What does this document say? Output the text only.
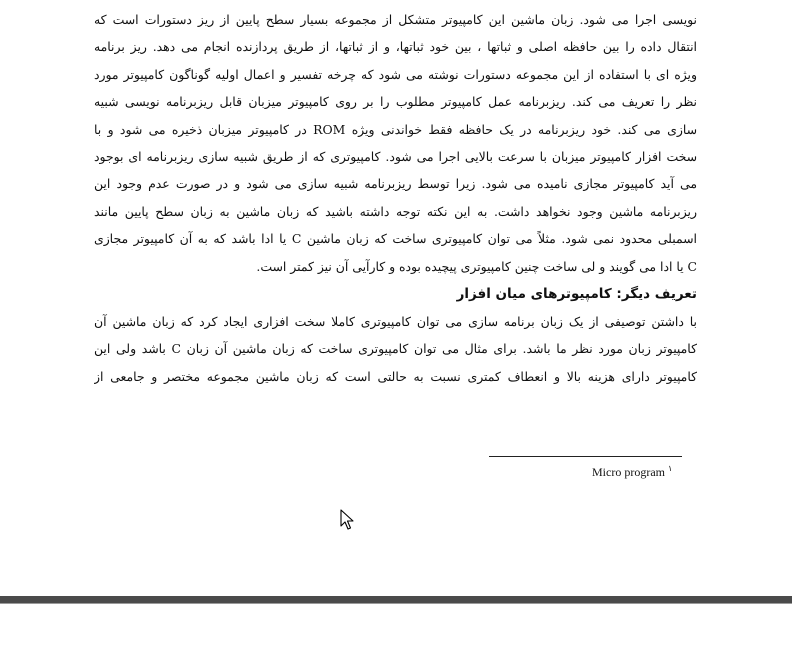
نویسی اجرا می شود. زبان ماشین این کامپیوتر متشکل از مجموعه بسیار سطح پایین از ریز دستورات است که
انتقال داده را بین حافظه اصلی و ثباتها ، بین خود ثباتها، و از ثباتها، از طریق پردازنده انجام می دهد. ریز برنامه
ویژه ای با استفاده از این مجموعه دستورات نوشته می شود که چرخه تفسیر و اعمال اولیه گوناگون کامپیوتر مورد
نظر را تعریف می کند. ریزبرنامه عمل کامپیوتر مطلوب را بر روی کامپیوتر میزبان قابل ریزبرنامه نویسی شبیه
سازی می کند. خود ریزبرنامه در یک حافظه فقط خواندنی ویژه ROM در کامپیوتر میزبان ذخیره می شود و با
سخت افزار کامپیوتر میزبان با سرعت بالایی اجرا می شود. کامپیوتری که از طریق شبیه سازی ریزبرنامه ای بوجود
می آید کامپیوتر مجازی نامیده می شود. زیرا توسط ریزبرنامه شبیه سازی می شود و در صورت عدم وجود این
ریزبرنامه ماشین وجود نخواهد داشت. به این نکته توجه داشته باشید که زبان ماشین به زبان سطح پایین مانند
اسمبلی محدود نمی شود. مثلاً می توان کامپیوتری ساخت که زبان ماشین C یا ادا باشد که به آن کامپیوتر مجازی
C یا ادا می گویند و لی ساخت چنین کامپیوتری پیچیده بوده و کارآیی آن نیز کمتر است.
تعریف دیگر: کامپیوترهای میان افزار
با داشتن توصیفی از یک زبان برنامه سازی می توان کامپیوتری کاملا سخت افزاری ایجاد کرد که زبان ماشین آن
کامپیوتر زبان مورد نظر ما باشد. برای مثال می توان کامپیوتری ساخت که زبان ماشین آن زبان C باشد ولی این
کامپیوتر دارای هزینه بالا و انعطاف کمتری نسبت به حالتی است که زبان ماشین مجموعه مختصر و جامعی از
Micro program $^۱$
